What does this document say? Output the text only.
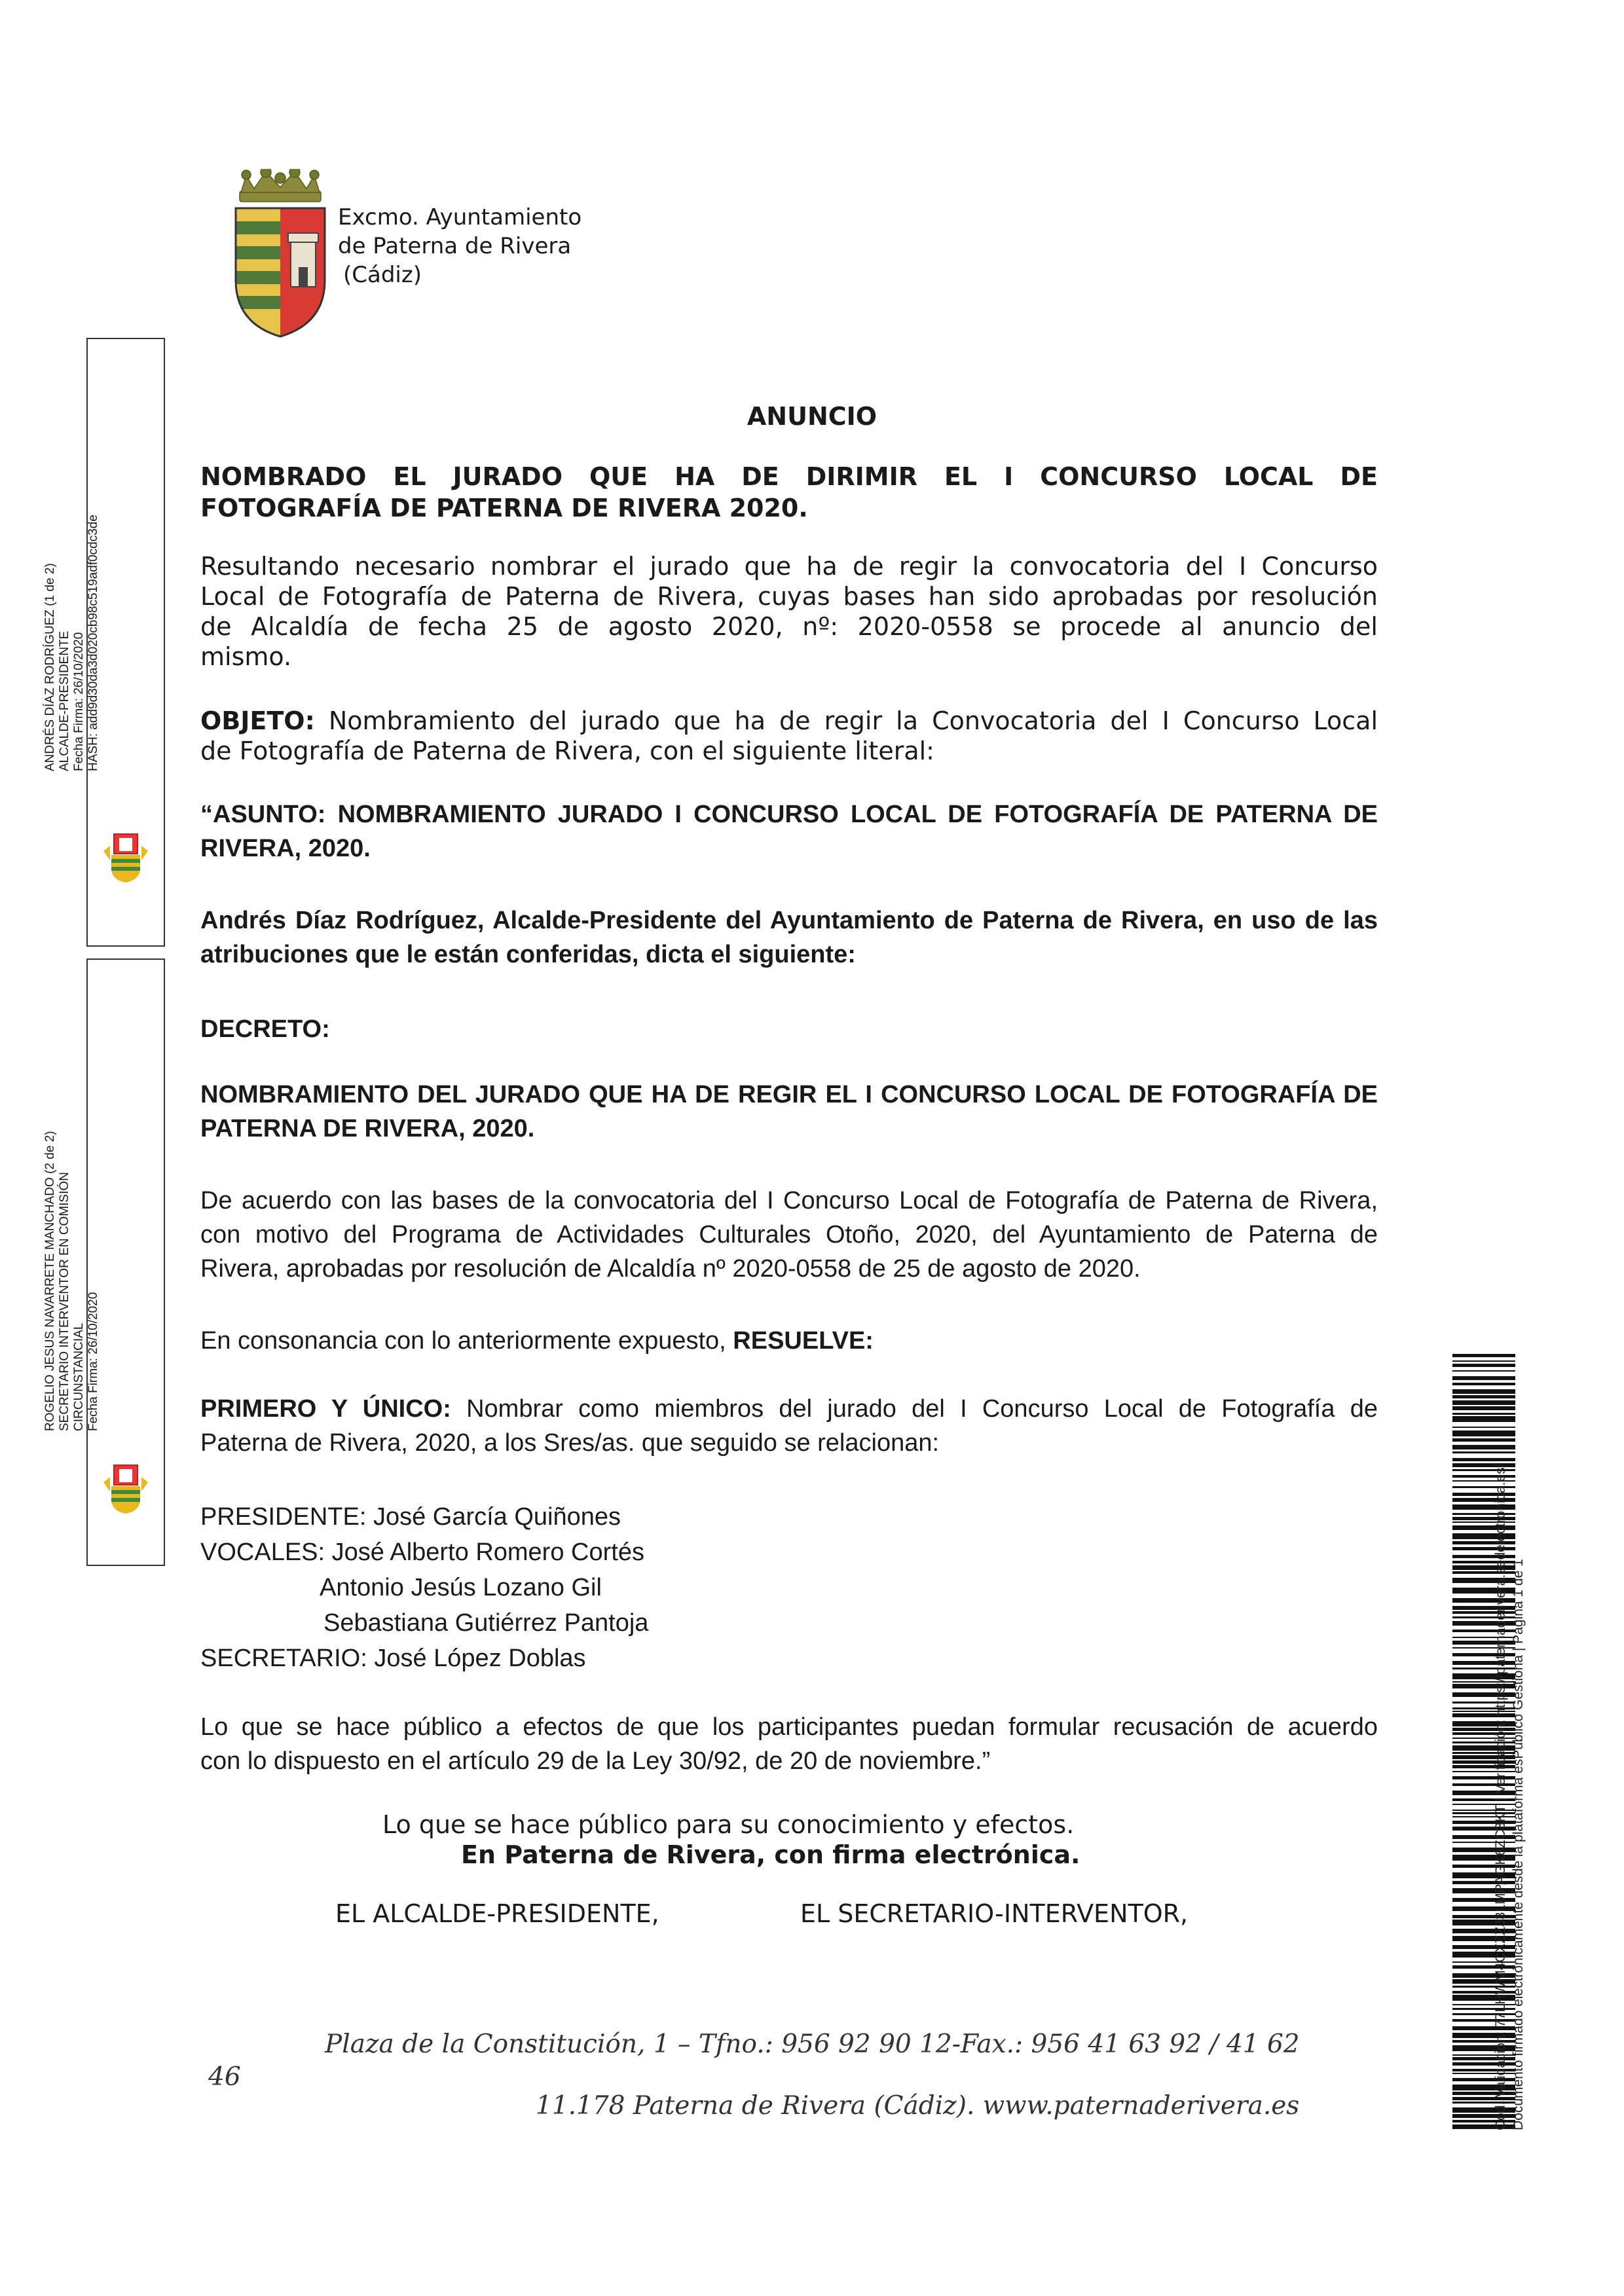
Excmo. Ayuntamiento
de Paterna de Rivera
(Cádiz)
ANDRÉS DÍAZ RODRÍGUEZ (1 de 2) ALCALDE-PRESIDENTE Fecha Firma: 26/10/2020 HASH: add9d30da3d020cb98c519adf0cdc3de
ROGELIO JESUS NAVARRETE MANCHADO (2 de 2) SECRETARIO INTERVENTOR EN COMISIÓN CIRCUNSTANCIAL Fecha Firma: 26/10/2020
Cód. Validación: 77LHWM4CXZZJ3LMPAGK6ZC3KT | Verificación: https://paternaderivera.sedelectronica.es/ Documento firmado electrónicamente desde la plataforma esPublico Gestiona | Página 1 de 1
ANUNCIO
NOMBRADO EL JURADO QUE HA DE DIRIMIR EL I CONCURSO LOCAL DE
FOTOGRAFÍA DE PATERNA DE RIVERA 2020.
Resultando necesario nombrar el jurado que ha de regir la convocatoria del I Concurso
Local de Fotografía de Paterna de Rivera, cuyas bases han sido aprobadas por resolución
de Alcaldía de fecha 25 de agosto 2020, nº: 2020-0558 se procede al anuncio del
mismo.
OBJETO: Nombramiento del jurado que ha de regir la Convocatoria del I Concurso Local
de Fotografía de Paterna de Rivera, con el siguiente literal:
“ASUNTO: NOMBRAMIENTO JURADO I CONCURSO LOCAL DE FOTOGRAFÍA DE PATERNA DE
RIVERA, 2020.
Andrés Díaz Rodríguez, Alcalde-Presidente del Ayuntamiento de Paterna de Rivera, en uso de las
atribuciones que le están conferidas, dicta el siguiente:
DECRETO:
NOMBRAMIENTO DEL JURADO QUE HA DE REGIR EL I CONCURSO LOCAL DE FOTOGRAFÍA DE
PATERNA DE RIVERA, 2020.
De acuerdo con las bases de la convocatoria del I Concurso Local de Fotografía de Paterna de Rivera,
con motivo del Programa de Actividades Culturales Otoño, 2020, del Ayuntamiento de Paterna de
Rivera, aprobadas por resolución de Alcaldía nº 2020-0558 de 25 de agosto de 2020.
En consonancia con lo anteriormente expuesto, RESUELVE:
PRIMERO Y ÚNICO: Nombrar como miembros del jurado del I Concurso Local de Fotografía de
Paterna de Rivera, 2020, a los Sres/as. que seguido se relacionan:
PRESIDENTE: José García Quiñones
VOCALES: José Alberto Romero Cortés
Antonio Jesús Lozano Gil
Sebastiana Gutiérrez Pantoja
SECRETARIO: José López Doblas
Lo que se hace público a efectos de que los participantes puedan formular recusación de acuerdo
con lo dispuesto en el artículo 29 de la Ley 30/92, de 20 de noviembre.”
Lo que se hace público para su conocimiento y efectos.
En Paterna de Rivera, con firma electrónica.
EL ALCALDE-PRESIDENTE,	EL SECRETARIO-INTERVENTOR,
Plaza de la Constitución, 1 – Tfno.: 956 92 90 12-Fax.: 956 41 63 92 / 41 62
46
11.178 Paterna de Rivera (Cádiz). www.paternaderivera.es
